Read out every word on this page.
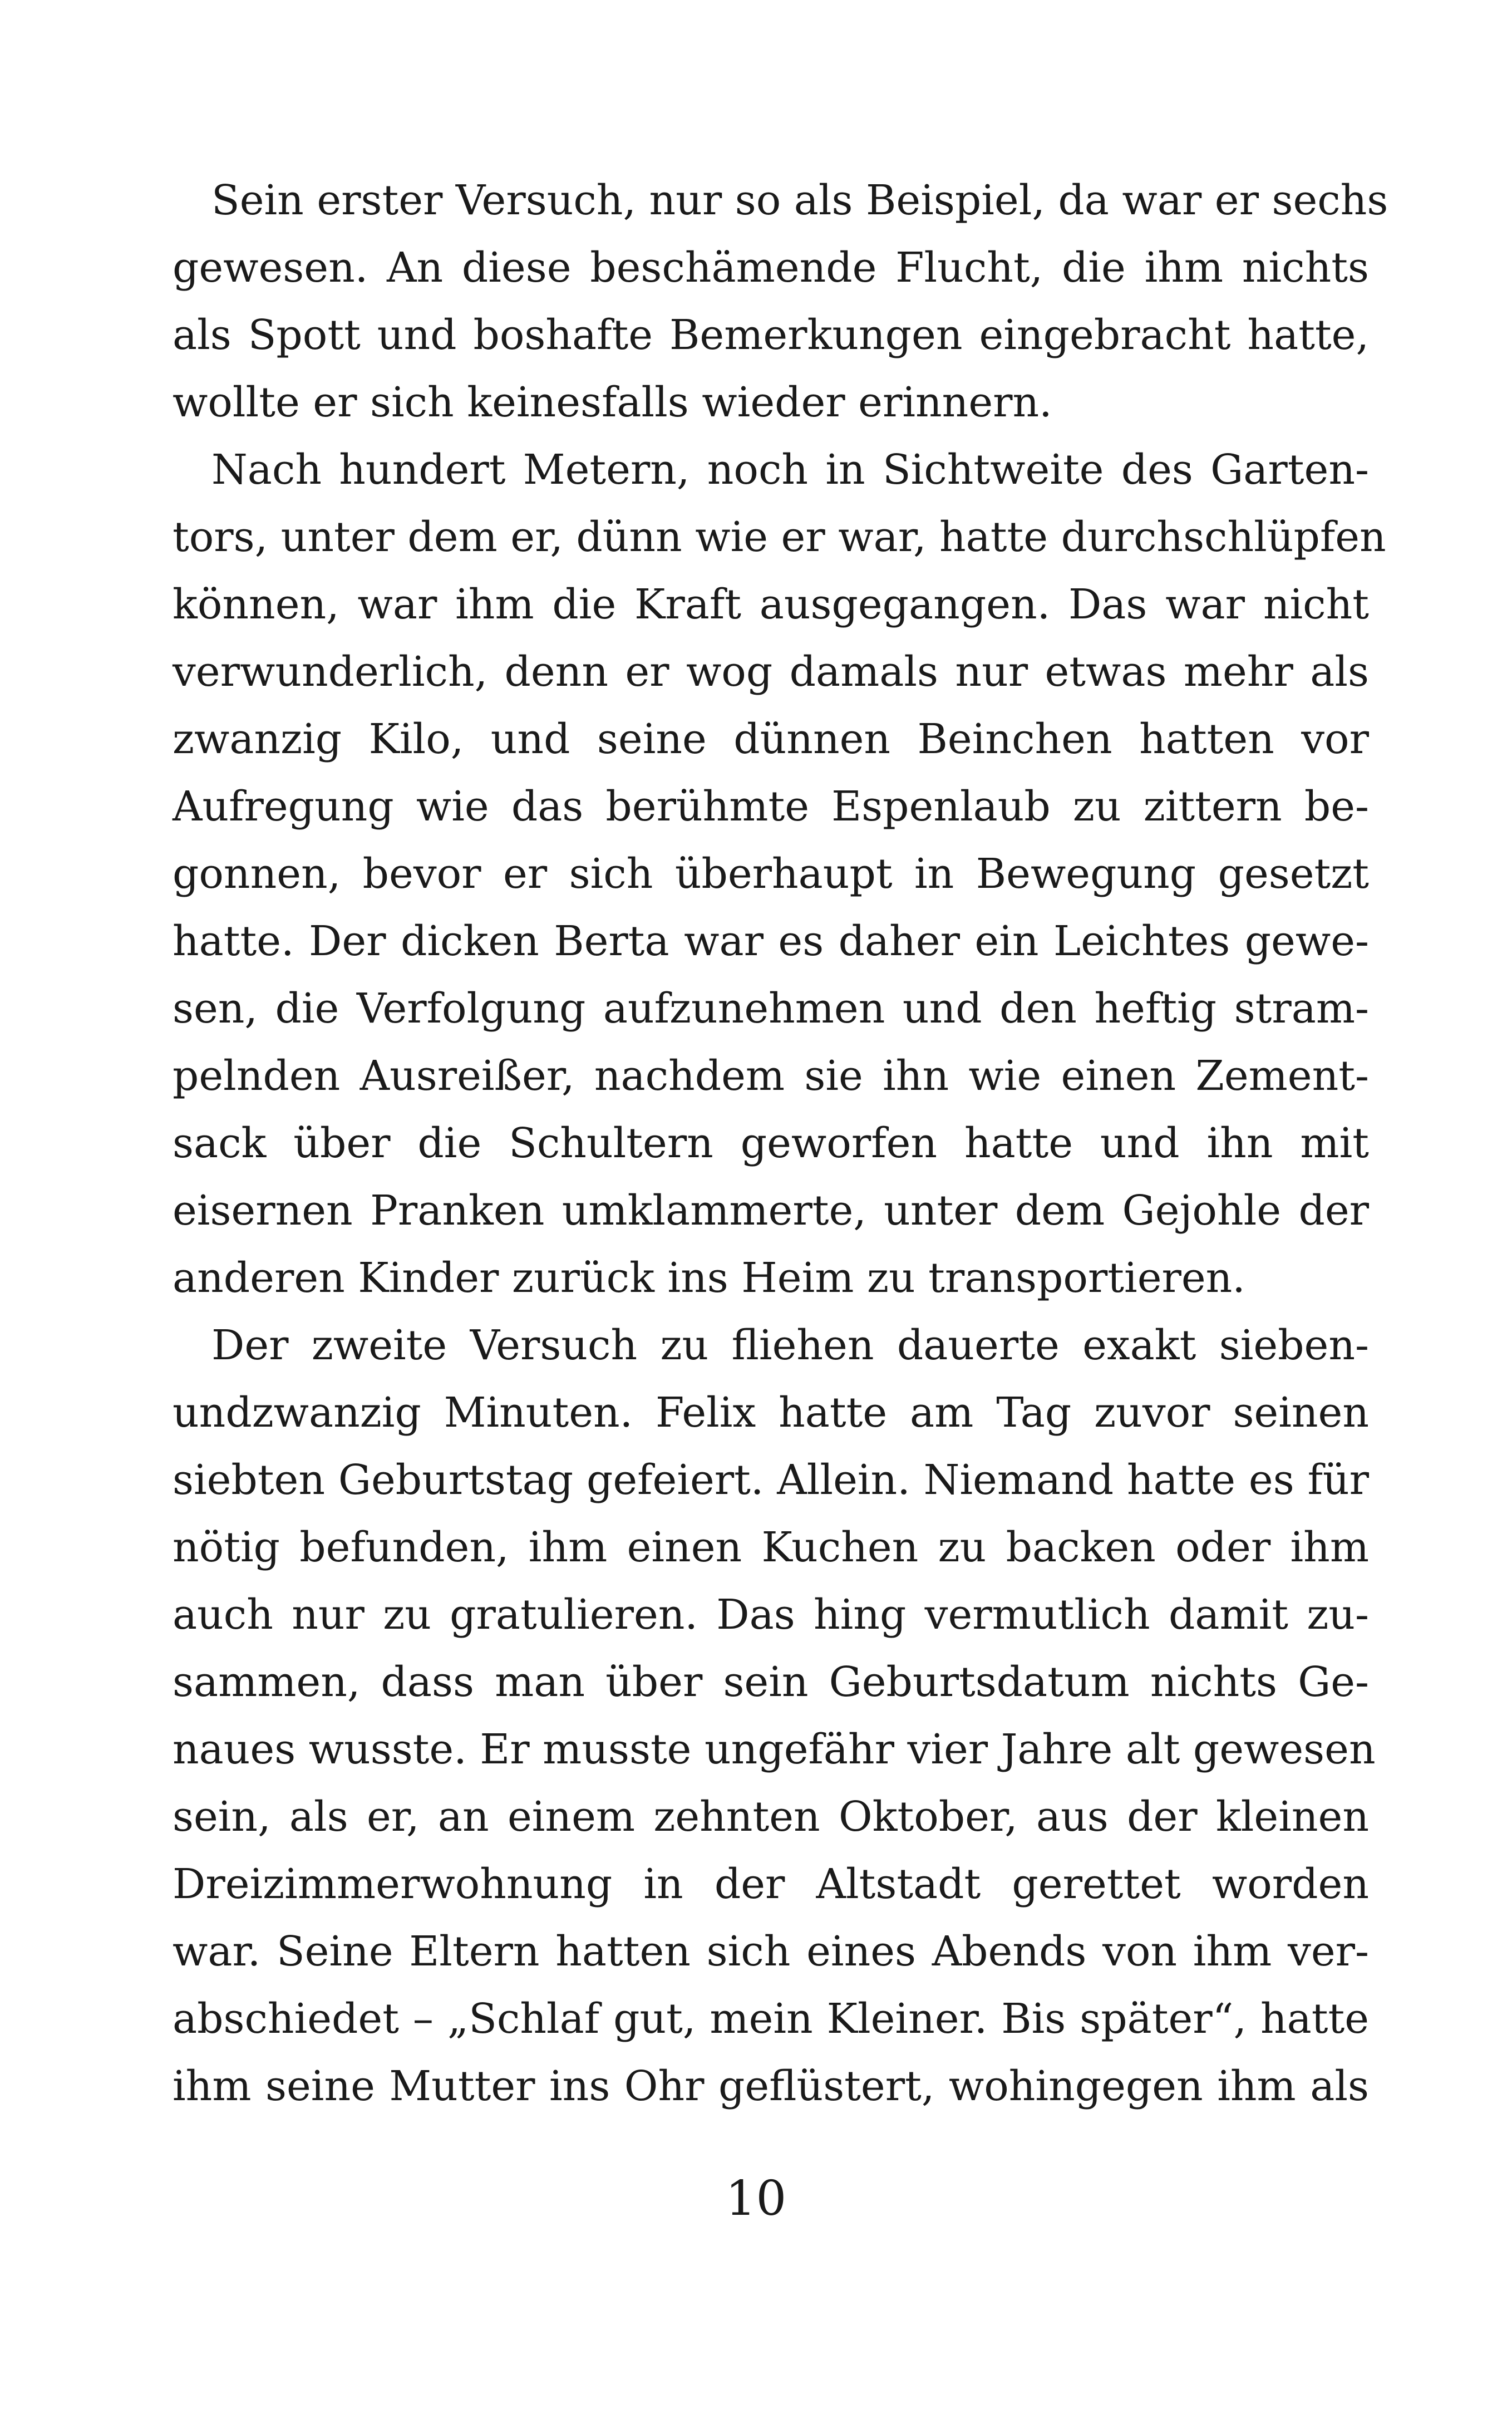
Sein erster Versuch, nur so als Beispiel, da war er sechs
gewesen. An diese beschämende Flucht, die ihm nichts
als Spott und boshafte Bemerkungen eingebracht hatte,
wollte er sich keinesfalls wieder erinnern.
Nach hundert Metern, noch in Sichtweite des Garten-
tors, unter dem er, dünn wie er war, hatte durchschlüpfen
können, war ihm die Kraft ausgegangen. Das war nicht
verwunderlich, denn er wog damals nur etwas mehr als
zwanzig Kilo, und seine dünnen Beinchen hatten vor
Aufregung wie das berühmte Espenlaub zu zittern be-
gonnen, bevor er sich überhaupt in Bewegung gesetzt
hatte. Der dicken Berta war es daher ein Leichtes gewe-
sen, die Verfolgung aufzunehmen und den heftig stram-
pelnden Ausreißer, nachdem sie ihn wie einen Zement-
sack über die Schultern geworfen hatte und ihn mit
eisernen Pranken umklammerte, unter dem Gejohle der
anderen Kinder zurück ins Heim zu transportieren.
Der zweite Versuch zu fliehen dauerte exakt sieben-
undzwanzig Minuten. Felix hatte am Tag zuvor seinen
siebten Geburtstag gefeiert. Allein. Niemand hatte es für
nötig befunden, ihm einen Kuchen zu backen oder ihm
auch nur zu gratulieren. Das hing vermutlich damit zu-
sammen, dass man über sein Geburtsdatum nichts Ge-
naues wusste. Er musste ungefähr vier Jahre alt gewesen
sein, als er, an einem zehnten Oktober, aus der kleinen
Dreizimmerwohnung in der Altstadt gerettet worden
war. Seine Eltern hatten sich eines Abends von ihm ver-
abschiedet – „Schlaf gut, mein Kleiner. Bis später“, hatte
ihm seine Mutter ins Ohr geflüstert, wohingegen ihm als
10
